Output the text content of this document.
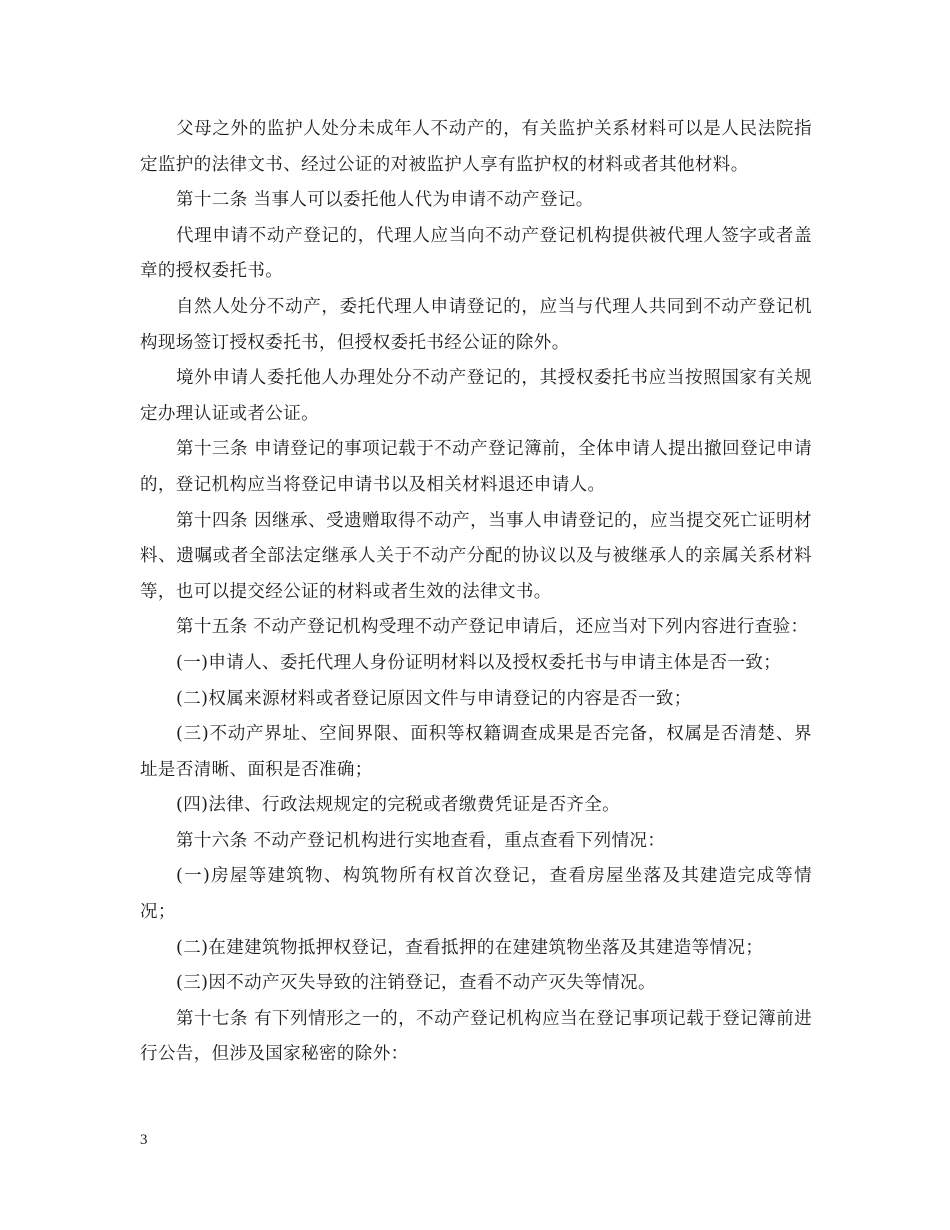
父母之外的监护人处分未成年人不动产的，有关监护关系材料可以是人民法院指定监护的法律文书、经过公证的对被监护人享有监护权的材料或者其他材料。

第十二条 当事人可以委托他人代为申请不动产登记。

代理申请不动产登记的，代理人应当向不动产登记机构提供被代理人签字或者盖章的授权委托书。

自然人处分不动产，委托代理人申请登记的，应当与代理人共同到不动产登记机构现场签订授权委托书，但授权委托书经公证的除外。

境外申请人委托他人办理处分不动产登记的，其授权委托书应当按照国家有关规定办理认证或者公证。

第十三条 申请登记的事项记载于不动产登记簿前，全体申请人提出撤回登记申请的，登记机构应当将登记申请书以及相关材料退还申请人。

第十四条 因继承、受遗赠取得不动产，当事人申请登记的，应当提交死亡证明材料、遗嘱或者全部法定继承人关于不动产分配的协议以及与被继承人的亲属关系材料等，也可以提交经公证的材料或者生效的法律文书。

第十五条 不动产登记机构受理不动产登记申请后，还应当对下列内容进行查验：

(一)申请人、委托代理人身份证明材料以及授权委托书与申请主体是否一致；

(二)权属来源材料或者登记原因文件与申请登记的内容是否一致；

(三)不动产界址、空间界限、面积等权籍调查成果是否完备，权属是否清楚、界址是否清晰、面积是否准确；

(四)法律、行政法规规定的完税或者缴费凭证是否齐全。

第十六条 不动产登记机构进行实地查看，重点查看下列情况：

(一)房屋等建筑物、构筑物所有权首次登记，查看房屋坐落及其建造完成等情况；

(二)在建建筑物抵押权登记，查看抵押的在建建筑物坐落及其建造等情况；

(三)因不动产灭失导致的注销登记，查看不动产灭失等情况。

第十七条 有下列情形之一的，不动产登记机构应当在登记事项记载于登记簿前进行公告，但涉及国家秘密的除外：

3
